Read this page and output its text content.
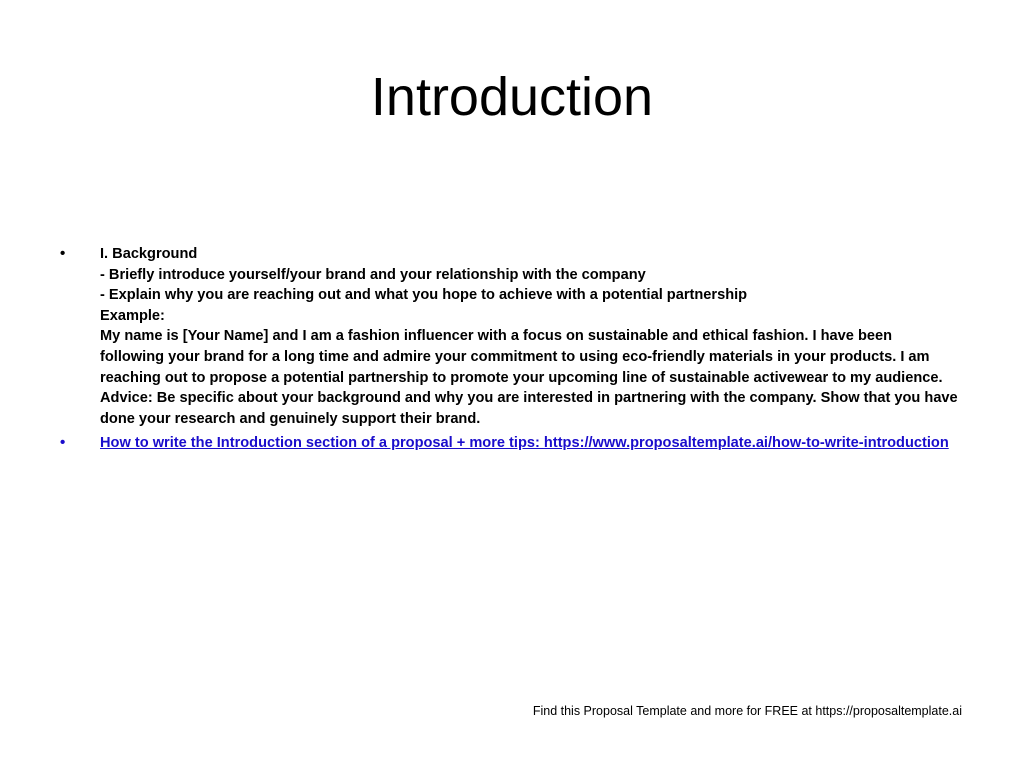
Introduction
• I. Background
- Briefly introduce yourself/your brand and your relationship with the company
- Explain why you are reaching out and what you hope to achieve with a potential partnership
Example:
My name is [Your Name] and I am a fashion influencer with a focus on sustainable and ethical fashion. I have been following your brand for a long time and admire your commitment to using eco-friendly materials in your products. I am reaching out to propose a potential partnership to promote your upcoming line of sustainable activewear to my audience.
Advice: Be specific about your background and why you are interested in partnering with the company. Show that you have done your research and genuinely support their brand.
• How to write the Introduction section of a proposal + more tips: https://www.proposaltemplate.ai/how-to-write-introduction
Find this Proposal Template and more for FREE at https://proposaltemplate.ai
